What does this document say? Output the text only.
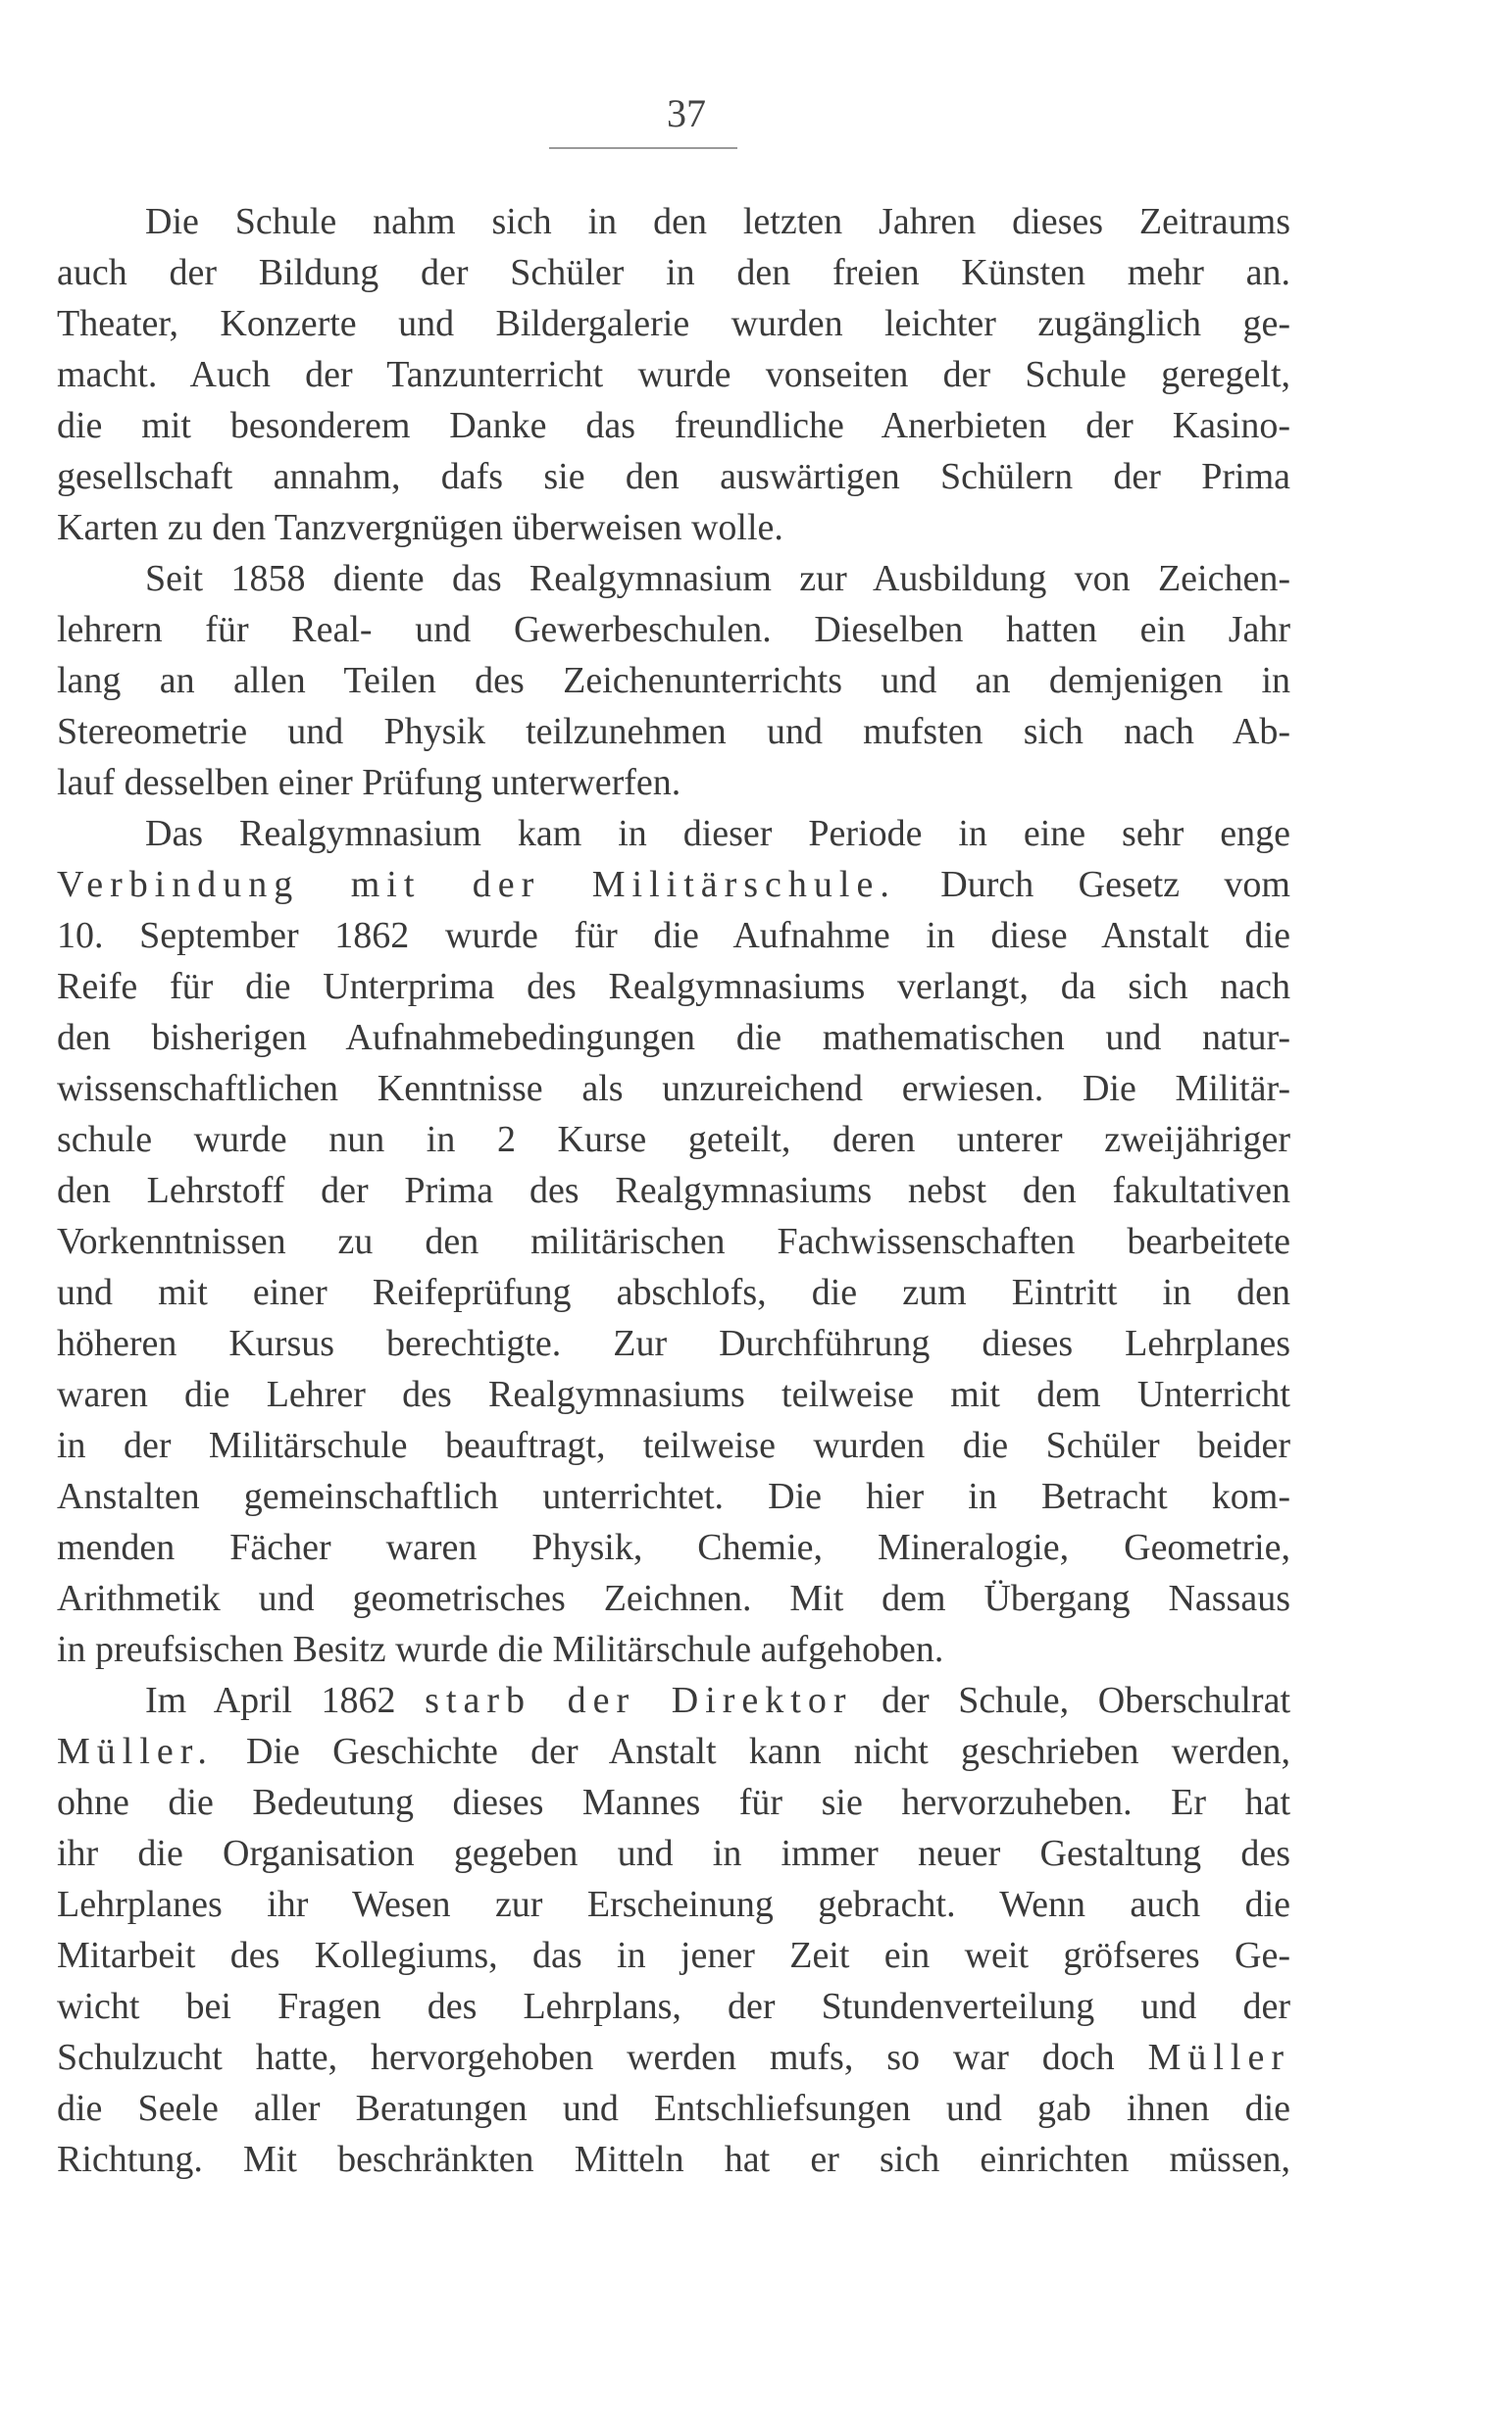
37
Die Schule nahm sich in den letzten Jahren dieses Zeitraums
auch der Bildung der Schüler in den freien Künsten mehr an.
Theater, Konzerte und Bildergalerie wurden leichter zugänglich ge-
macht. Auch der Tanzunterricht wurde vonseiten der Schule geregelt,
die mit besonderem Danke das freundliche Anerbieten der Kasino-
gesellschaft annahm, dafs sie den auswärtigen Schülern der Prima
Karten zu den Tanzvergnügen überweisen wolle.
Seit 1858 diente das Realgymnasium zur Ausbildung von Zeichen-
lehrern für Real- und Gewerbeschulen. Dieselben hatten ein Jahr
lang an allen Teilen des Zeichenunterrichts und an demjenigen in
Stereometrie und Physik teilzunehmen und mufsten sich nach Ab-
lauf desselben einer Prüfung unterwerfen.
Das Realgymnasium kam in dieser Periode in eine sehr enge
Verbindung mit der Militärschule. Durch Gesetz vom
10. September 1862 wurde für die Aufnahme in diese Anstalt die
Reife für die Unterprima des Realgymnasiums verlangt, da sich nach
den bisherigen Aufnahmebedingungen die mathematischen und natur-
wissenschaftlichen Kenntnisse als unzureichend erwiesen. Die Militär-
schule wurde nun in 2 Kurse geteilt, deren unterer zweijähriger
den Lehrstoff der Prima des Realgymnasiums nebst den fakultativen
Vorkenntnissen zu den militärischen Fachwissenschaften bearbeitete
und mit einer Reifeprüfung abschlofs, die zum Eintritt in den
höheren Kursus berechtigte. Zur Durchführung dieses Lehrplanes
waren die Lehrer des Realgymnasiums teilweise mit dem Unterricht
in der Militärschule beauftragt, teilweise wurden die Schüler beider
Anstalten gemeinschaftlich unterrichtet. Die hier in Betracht kom-
menden Fächer waren Physik, Chemie, Mineralogie, Geometrie,
Arithmetik und geometrisches Zeichnen. Mit dem Übergang Nassaus
in preufsischen Besitz wurde die Militärschule aufgehoben.
Im April 1862 starb der Direktor der Schule, Oberschulrat
Müller. Die Geschichte der Anstalt kann nicht geschrieben werden,
ohne die Bedeutung dieses Mannes für sie hervorzuheben. Er hat
ihr die Organisation gegeben und in immer neuer Gestaltung des
Lehrplanes ihr Wesen zur Erscheinung gebracht. Wenn auch die
Mitarbeit des Kollegiums, das in jener Zeit ein weit gröfseres Ge-
wicht bei Fragen des Lehrplans, der Stundenverteilung und der
Schulzucht hatte, hervorgehoben werden mufs, so war doch Müller
die Seele aller Beratungen und Entschliefsungen und gab ihnen die
Richtung. Mit beschränkten Mitteln hat er sich einrichten müssen,
